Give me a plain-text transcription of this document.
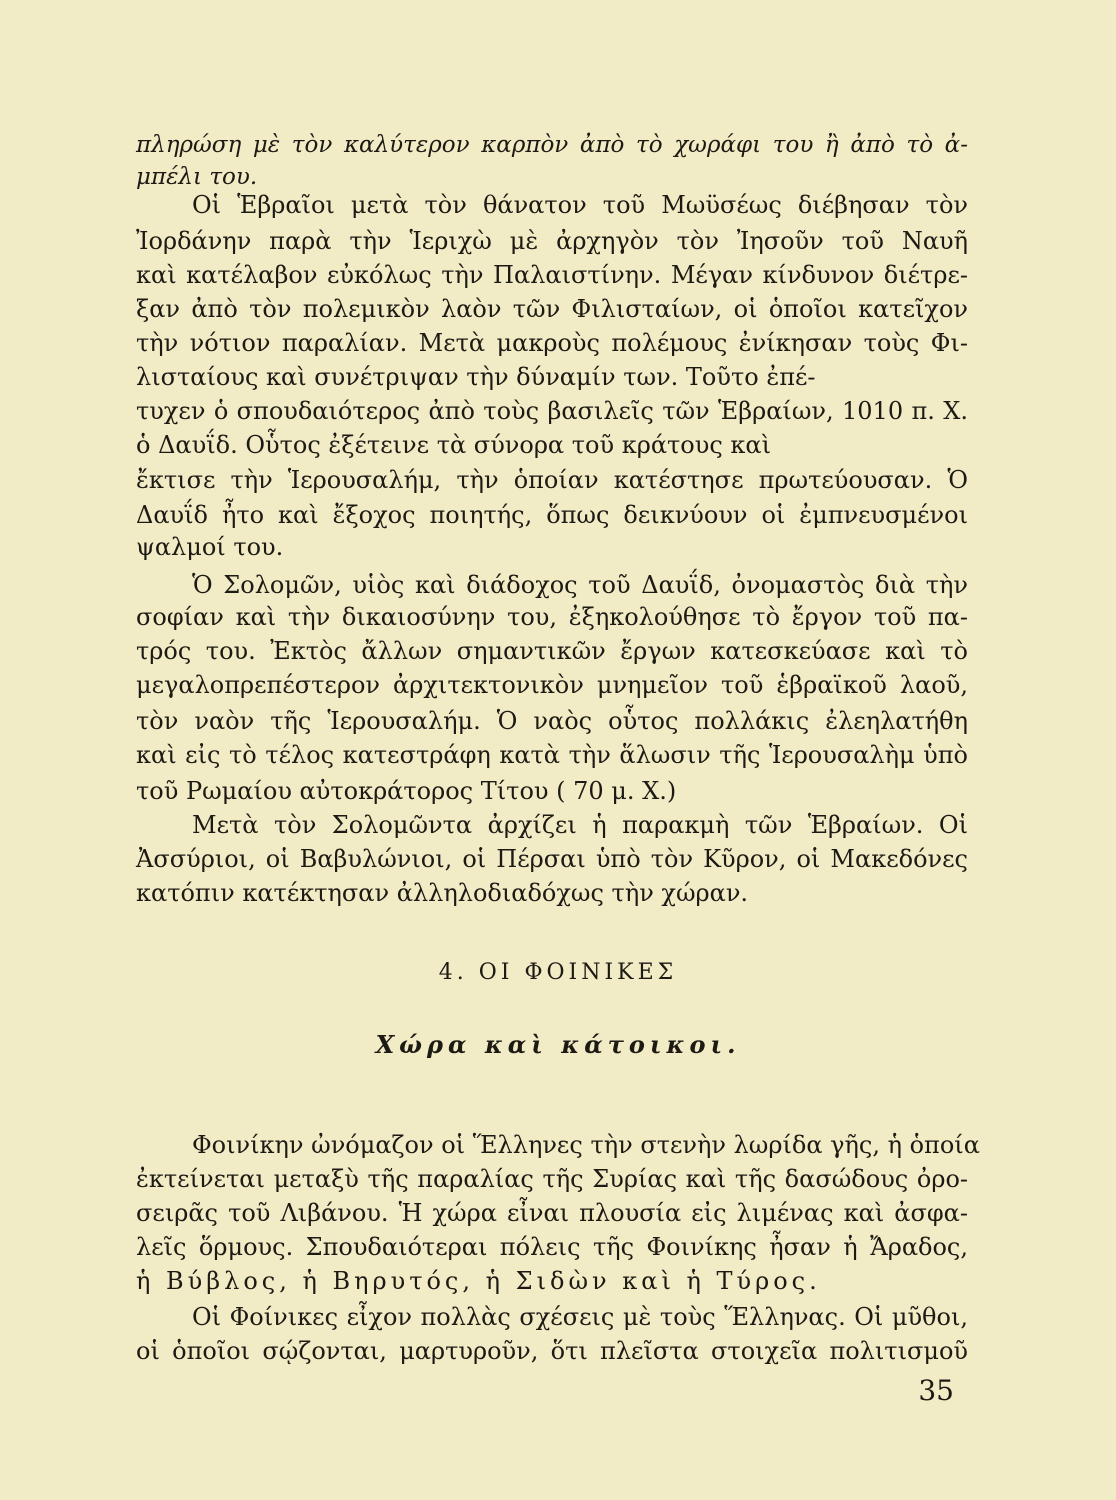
πληρώση μὲ τὸν καλύτερον καρπὸν ἀπὸ τὸ χωράφι του ἢ ἀπὸ τὸ ἀ-
μπέλι του.
Οἱ Ἑβραῖοι μετὰ τὸν θάνατον τοῦ Μωϋσέως διέβησαν τὸν
Ἰορδάνην παρὰ τὴν Ἱεριχὼ μὲ ἀρχηγὸν τὸν Ἰησοῦν τοῦ Ναυῆ
καὶ κατέλαβον εὐκόλως τὴν Παλαιστίνην. Μέγαν κίνδυνον διέτρε-
ξαν ἀπὸ τὸν πολεμικὸν λαὸν τῶν Φιλισταίων, οἱ ὁποῖοι κατεῖχον
τὴν νότιον παραλίαν. Μετὰ μακροὺς πολέμους ἐνίκησαν τοὺς Φι-
λισταίους καὶ συνέτριψαν τὴν δύναμίν των. Τοῦτο ἐπέ-
τυχεν ὁ σπουδαιότερος ἀπὸ τοὺς βασιλεῖς τῶν Ἑβραίων, 1010 π. Χ.
ὁ Δαυΐδ. Οὗτος ἐξέτεινε τὰ σύνορα τοῦ κράτους καὶ
ἔκτισε τὴν Ἱερουσαλήμ, τὴν ὁποίαν κατέστησε πρωτεύουσαν. Ὁ
Δαυΐδ ἦτο καὶ ἔξοχος ποιητής, ὅπως δεικνύουν οἱ ἐμπνευσμένοι
ψαλμοί του.
Ὁ Σολομῶν, υἱὸς καὶ διάδοχος τοῦ Δαυΐδ, ὀνομαστὸς διὰ τὴν
σοφίαν καὶ τὴν δικαιοσύνην του, ἐξηκολούθησε τὸ ἔργον τοῦ πα-
τρός του. Ἐκτὸς ἄλλων σημαντικῶν ἔργων κατεσκεύασε καὶ τὸ
μεγαλοπρεπέστερον ἀρχιτεκτονικὸν μνημεῖον τοῦ ἑβραϊκοῦ λαοῦ,
τὸν ναὸν τῆς Ἱερουσαλήμ. Ὁ ναὸς οὗτος πολλάκις ἐλεηλατήθη
καὶ εἰς τὸ τέλος κατεστράφη κατὰ τὴν ἅλωσιν τῆς Ἱερουσαλὴμ ὑπὸ
τοῦ Ρωμαίου αὐτοκράτορος Τίτου ( 70 μ. Χ.)
Μετὰ τὸν Σολομῶντα ἀρχίζει ἡ παρακμὴ τῶν Ἑβραίων. Οἱ
Ἀσσύριοι, οἱ Βαβυλώνιοι, οἱ Πέρσαι ὑπὸ τὸν Κῦρον, οἱ Μακεδόνες
κατόπιν κατέκτησαν ἀλληλοδιαδόχως τὴν χώραν.
4. ΟΙ ΦΟΙΝΙΚΕΣ
Χώρα καὶ κάτοικοι.
Φοινίκην ὠνόμαζον οἱ Ἕλληνες τὴν στενὴν λωρίδα γῆς, ἡ ὁποία
ἐκτείνεται μεταξὺ τῆς παραλίας τῆς Συρίας καὶ τῆς δασώδους ὀρο-
σειρᾶς τοῦ Λιβάνου. Ἡ χώρα εἶναι πλουσία εἰς λιμένας καὶ ἀσφα-
λεῖς ὅρμους. Σπουδαιότεραι πόλεις τῆς Φοινίκης ἦσαν ἡ Ἄραδος,
ἡ Βύβλος, ἡ Βηρυτός, ἡ Σιδὼν καὶ ἡ Τύρος.
Οἱ Φοίνικες εἶχον πολλὰς σχέσεις μὲ τοὺς Ἕλληνας. Οἱ μῦθοι,
οἱ ὁποῖοι σῴζονται, μαρτυροῦν, ὅτι πλεῖστα στοιχεῖα πολιτισμοῦ
35
